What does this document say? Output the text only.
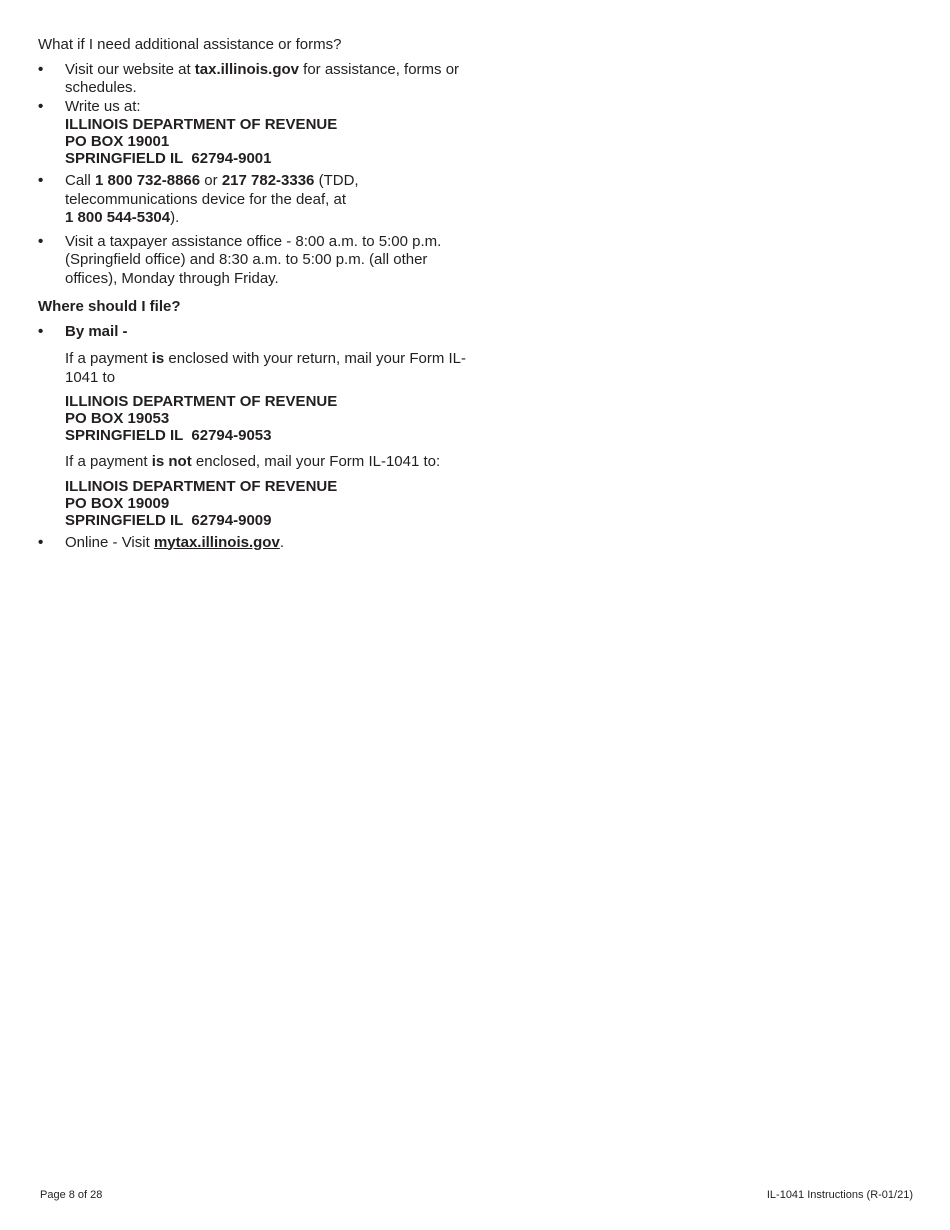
What if I need additional assistance or forms?

• Visit our website at tax.illinois.gov for assistance, forms or schedules.
• Write us at:
ILLINOIS DEPARTMENT OF REVENUE
PO BOX 19001
SPRINGFIELD IL  62794-9001
• Call 1 800 732-8866 or 217 782-3336 (TDD, telecommunications device for the deaf, at
1 800 544-5304).
• Visit a taxpayer assistance office - 8:00 a.m. to 5:00 p.m. (Springfield office) and 8:30 a.m. to 5:00 p.m. (all other offices), Monday through Friday.

Where should I file?

• By mail -
If a payment is enclosed with your return, mail your Form IL-1041 to
ILLINOIS DEPARTMENT OF REVENUE
PO BOX 19053
SPRINGFIELD IL  62794-9053
If a payment is not enclosed, mail your Form IL-1041 to:
ILLINOIS DEPARTMENT OF REVENUE
PO BOX 19009
SPRINGFIELD IL  62794-9009
• Online - Visit mytax.illinois.gov.
Page 8 of 28	IL-1041 Instructions (R-01/21)
